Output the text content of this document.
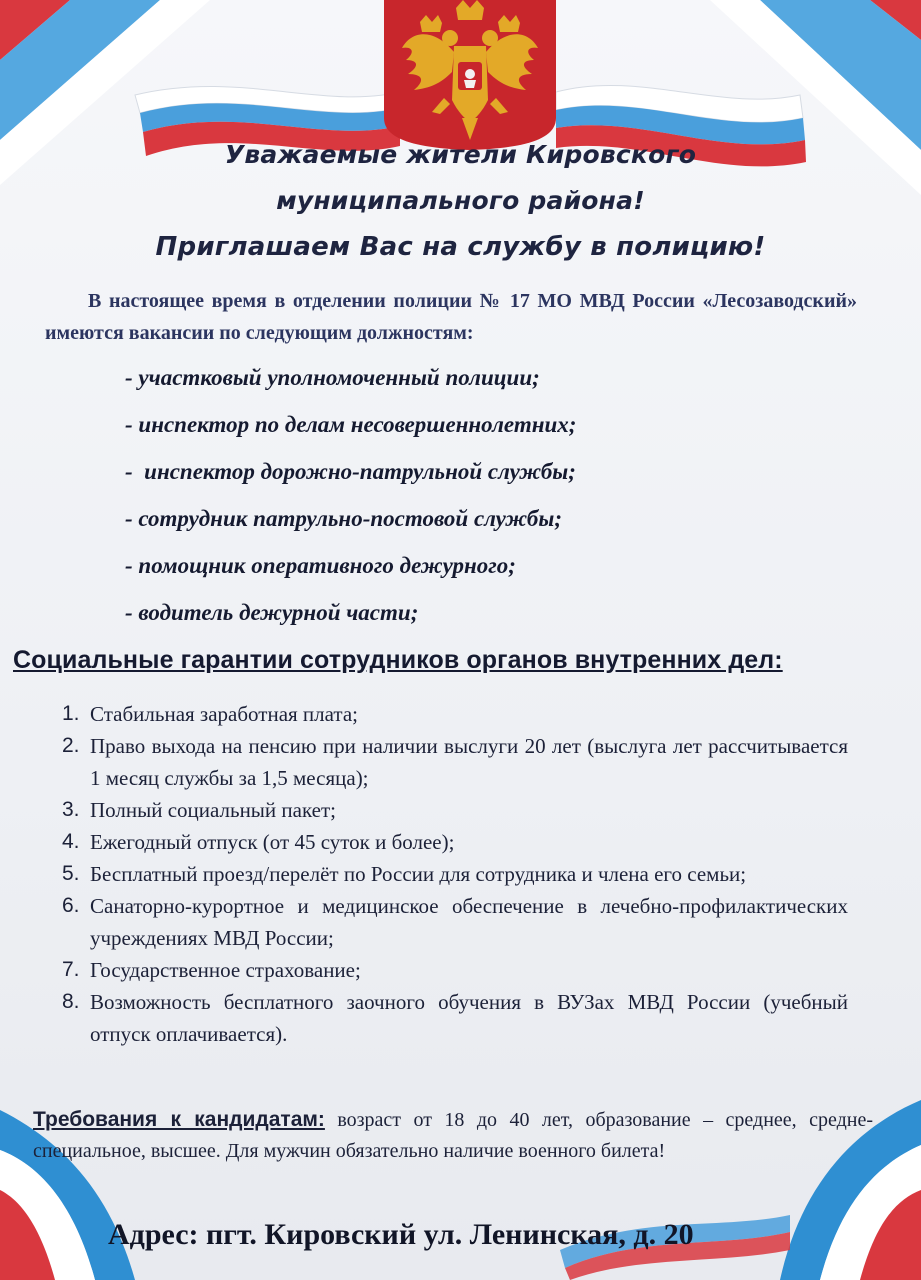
Уважаемые жители Кировского
муниципального района!
Приглашаем Вас на службу в полицию!
В настоящее время в отделении полиции № 17 МО МВД России «Лесозаводский» имеются вакансии по следующим должностям:
- участковый уполномоченный полиции;
- инспектор по делам несовершеннолетних;
-  инспектор дорожно-патрульной службы;
- сотрудник патрульно-постовой службы;
- помощник оперативного дежурного;
- водитель дежурной части;
Социальные гарантии сотрудников органов внутренних дел:
1. Стабильная заработная плата;
2. Право выхода на пенсию при наличии выслуги 20 лет (выслуга лет рассчитывается 1 месяц службы за 1,5 месяца);
3. Полный социальный пакет;
4. Ежегодный отпуск (от 45 суток и более);
5. Бесплатный проезд/перелёт по России для сотрудника и члена его семьи;
6. Санаторно-курортное и медицинское обеспечение в лечебно-профилактических учреждениях МВД России;
7. Государственное страхование;
8. Возможность бесплатного заочного обучения в ВУЗах МВД России (учебный отпуск оплачивается).
Требования к кандидатам: возраст от 18 до 40 лет, образование – среднее, средне-специальное, высшее. Для мужчин обязательно наличие военного билета!
Адрес: пгт. Кировский ул. Ленинская, д. 20
